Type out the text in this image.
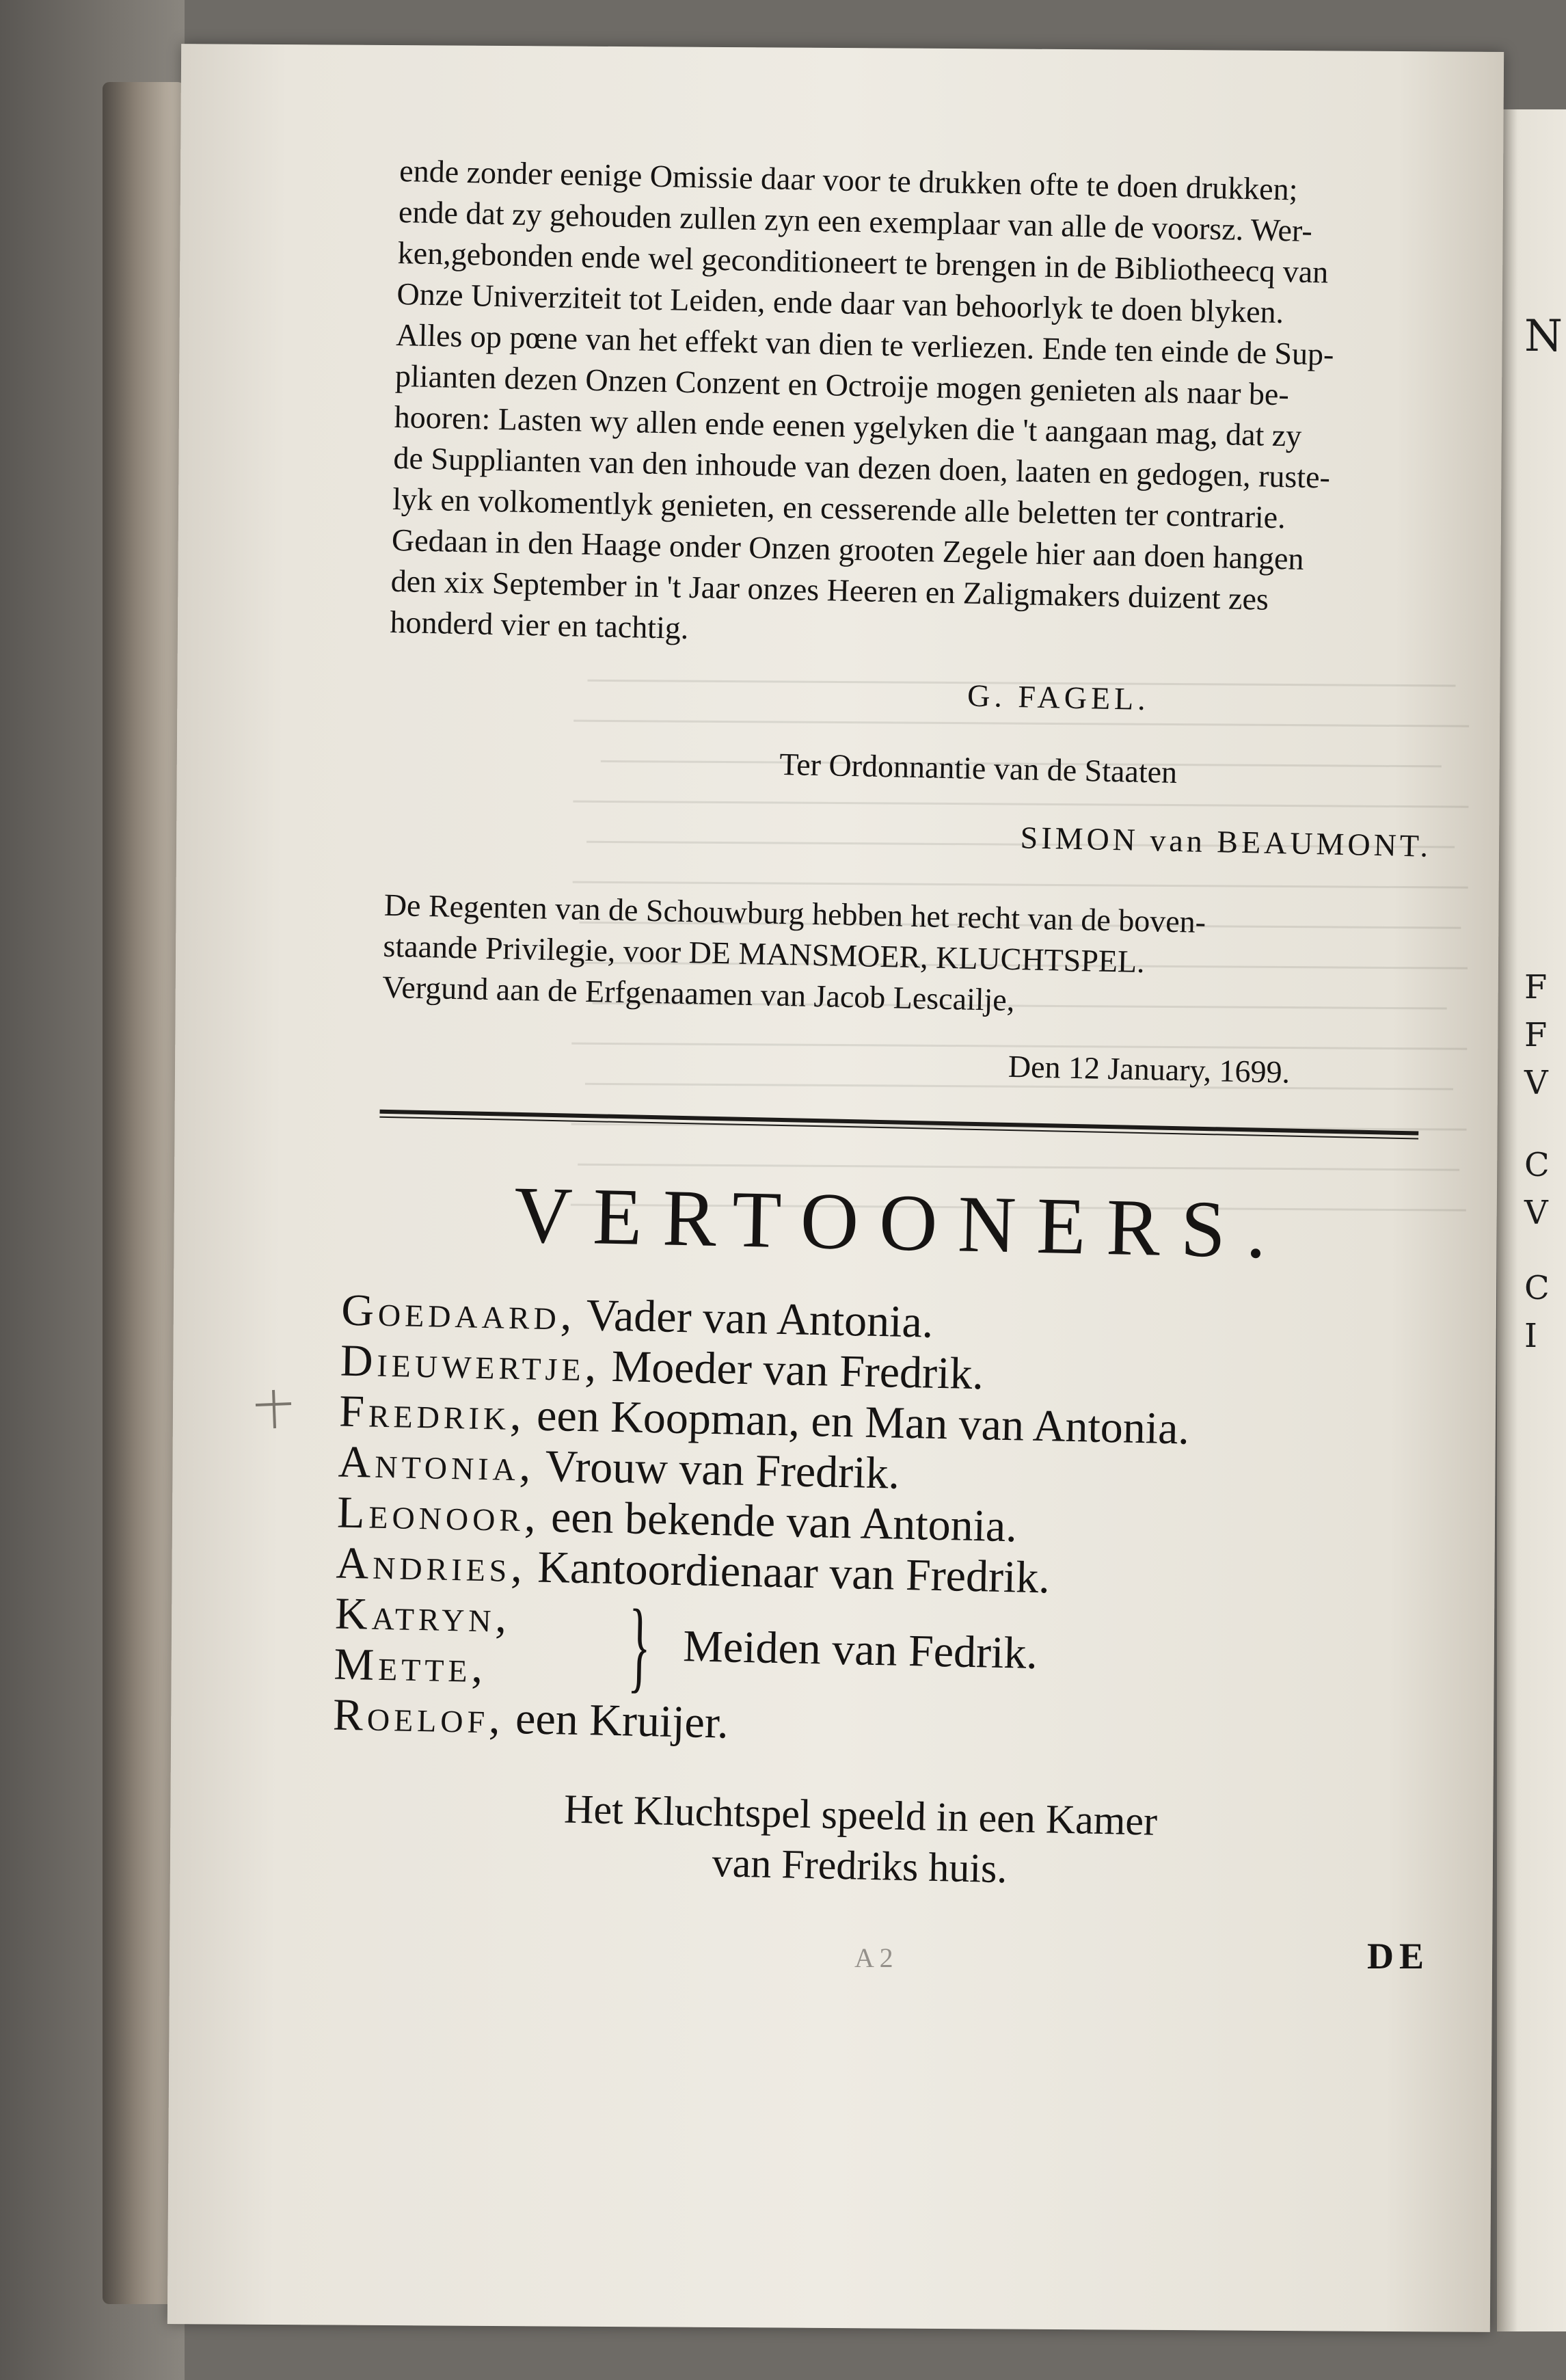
N
F
F
V
C
V
C
I

ende zonder eenige Omissie daar voor te drukken ofte te doen drukken;

ende dat zy gehouden zullen zyn een exemplaar van alle de voorsz. Wer-

ken,gebonden ende wel geconditioneert te brengen in de Bibliotheecq van

Onze Univerziteit tot Leiden, ende daar van behoorlyk te doen blyken.

Alles op pœne van het effekt van dien te verliezen. Ende ten einde de Sup-

plianten dezen Onzen Conzent en Octroije mogen genieten als naar be-

hooren: Lasten wy allen ende eenen ygelyken die 't aangaan mag, dat zy

de Supplianten van den inhoude van dezen doen, laaten en gedogen, ruste-

lyk en volkomentlyk genieten, en cesserende alle beletten ter contrarie.

Gedaan in den Haage onder Onzen grooten Zegele hier aan doen hangen

den xix September in 't Jaar onzes Heeren en Zaligmakers duizent zes

honderd vier en tachtig.

G. FAGEL.

Ter Ordonnantie van de Staaten

SIMON van BEAUMONT.

De Regenten van de Schouwburg hebben het recht van de boven-

staande Privilegie, voor DE MANSMOER, KLUCHTSPEL.

Vergund aan de Erfgenaamen van Jacob Lescailje,

Den 12 January, 1699.

VERTOONERS.
Goedaard, Vader van Antonia.
Dieuwertje, Moeder van Fredrik.
Fredrik, een Koopman, en Man van Antonia.
Antonia, Vrouw van Fredrik.
Leonoor, een bekende van Antonia.
Andries, Kantoordienaar van Fredrik.
Katryn,
Mette, } Meiden van Fedrik.
Roelof, een Kruijer.
Het Kluchtspel speeld in een Kamer
van Fredriks huis.
A 2	DE
